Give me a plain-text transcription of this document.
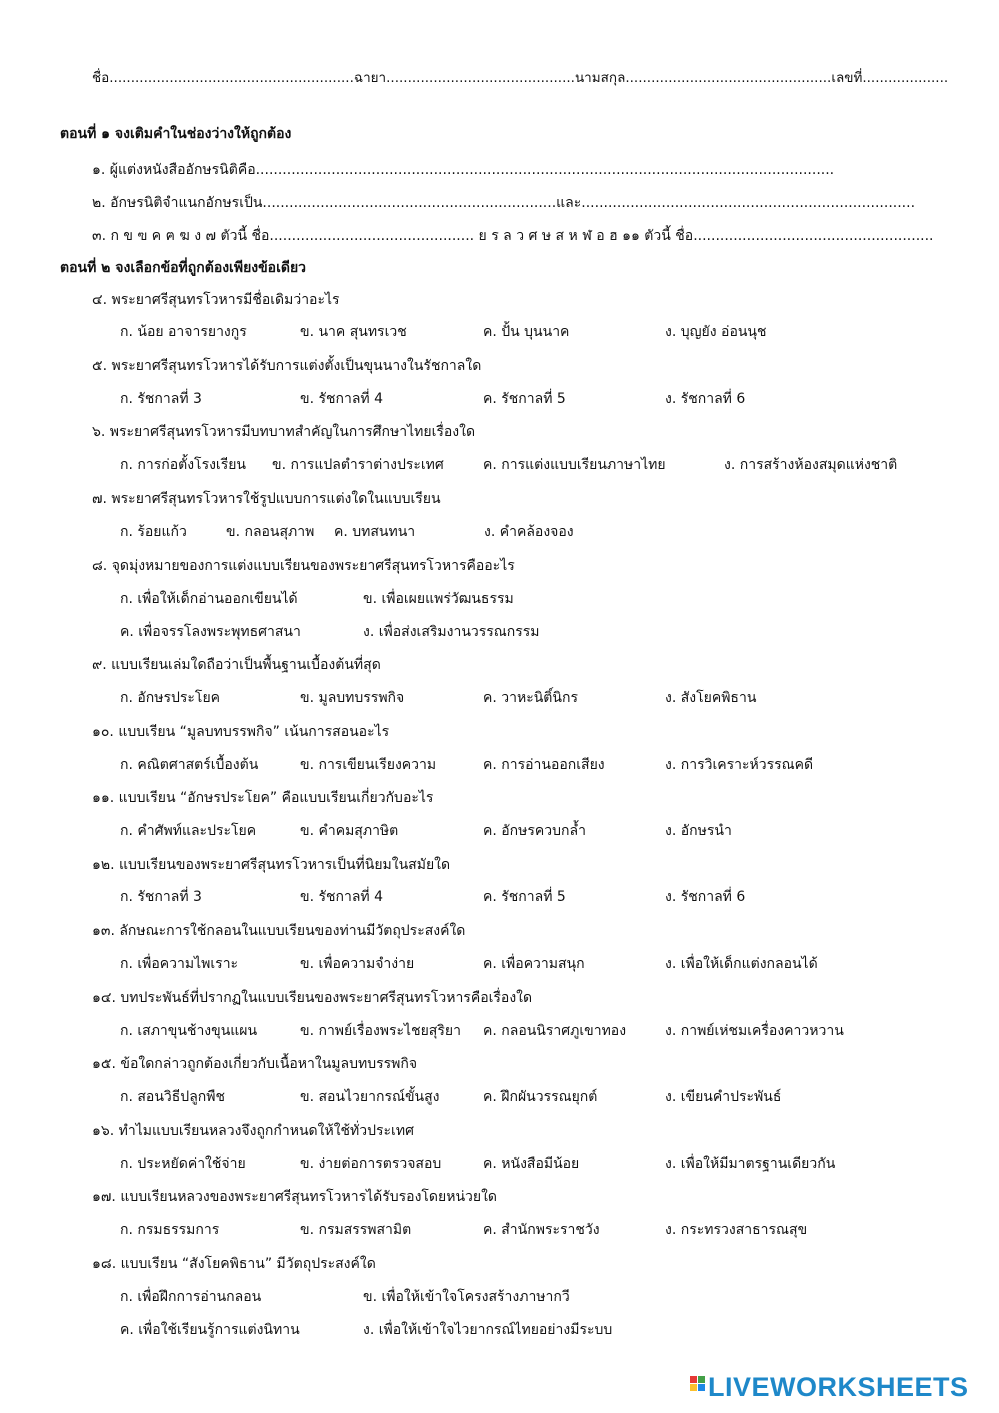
ชื่อ.........................................................ฉายา............................................นามสกุล................................................เลขที่....................
ตอนที่ ๑ จงเติมคำในช่องว่างให้ถูกต้อง
๑. ผู้แต่งหนังสืออักษรนิติคือ..................................................................................................................................
๒. อักษรนิติจำแนกอักษรเป็น..................................................................และ...........................................................................
๓. ก ข ฃ ค ฅ ฆ ง ๗ ตัวนี้ ชื่อ.............................................. ย ร ล ว ศ ษ ส ห ฬ อ ฮ ๑๑ ตัวนี้ ชื่อ......................................................
ตอนที่ ๒ จงเลือกข้อที่ถูกต้องเพียงข้อเดียว
๔. พระยาศรีสุนทรโวหารมีชื่อเดิมว่าอะไร
ก. น้อย อาจารยางกูร	ข. นาค สุนทรเวช	ค. ปั้น บุนนาค	ง. บุญยัง อ่อนนุช
๕. พระยาศรีสุนทรโวหารได้รับการแต่งตั้งเป็นขุนนางในรัชกาลใด
ก. รัชกาลที่ 3	ข. รัชกาลที่ 4	ค. รัชกาลที่ 5	ง. รัชกาลที่ 6
๖. พระยาศรีสุนทรโวหารมีบทบาทสำคัญในการศึกษาไทยเรื่องใด
ก. การก่อตั้งโรงเรียน ข. การแปลตำราต่างประเทศ	ค. การแต่งแบบเรียนภาษาไทย	ง. การสร้างห้องสมุดแห่งชาติ
๗. พระยาศรีสุนทรโวหารใช้รูปแบบการแต่งใดในแบบเรียน
ก. ร้อยแก้ว	ข. กลอนสุภาพ ค. บทสนทนา	ง. คำคล้องจอง
๘. จุดมุ่งหมายของการแต่งแบบเรียนของพระยาศรีสุนทรโวหารคืออะไร
ก. เพื่อให้เด็กอ่านออกเขียนได้	ข. เพื่อเผยแพร่วัฒนธรรม
ค. เพื่อจรรโลงพระพุทธศาสนา	ง. เพื่อส่งเสริมงานวรรณกรรม
๙. แบบเรียนเล่มใดถือว่าเป็นพื้นฐานเบื้องต้นที่สุด
ก. อักษรประโยค	ข. มูลบทบรรพกิจ	ค. วาหะนิติ์นิกร	ง. สังโยคพิธาน
๑๐. แบบเรียน “มูลบทบรรพกิจ” เน้นการสอนอะไร
ก. คณิตศาสตร์เบื้องต้น	ข. การเขียนเรียงความ	ค. การอ่านออกเสียง	ง. การวิเคราะห์วรรณคดี
๑๑. แบบเรียน “อักษรประโยค” คือแบบเรียนเกี่ยวกับอะไร
ก. คำศัพท์และประโยค	ข. คำคมสุภาษิต	ค. อักษรควบกล้ำ	ง. อักษรนำ
๑๒. แบบเรียนของพระยาศรีสุนทรโวหารเป็นที่นิยมในสมัยใด
ก. รัชกาลที่ 3	ข. รัชกาลที่ 4	ค. รัชกาลที่ 5	ง. รัชกาลที่ 6
๑๓. ลักษณะการใช้กลอนในแบบเรียนของท่านมีวัตถุประสงค์ใด
ก. เพื่อความไพเราะ	ข. เพื่อความจำง่าย	ค. เพื่อความสนุก	ง. เพื่อให้เด็กแต่งกลอนได้
๑๔. บทประพันธ์ที่ปรากฏในแบบเรียนของพระยาศรีสุนทรโวหารคือเรื่องใด
ก. เสภาขุนช้างขุนแผน	ข. กาพย์เรื่องพระไชยสุริยา ค. กลอนนิราศภูเขาทอง	ง. กาพย์เห่ชมเครื่องคาวหวาน
๑๕. ข้อใดกล่าวถูกต้องเกี่ยวกับเนื้อหาในมูลบทบรรพกิจ
ก. สอนวิธีปลูกพืช	ข. สอนไวยากรณ์ขั้นสูง	ค. ฝึกผันวรรณยุกต์	ง. เขียนคำประพันธ์
๑๖. ทำไมแบบเรียนหลวงจึงถูกกำหนดให้ใช้ทั่วประเทศ
ก. ประหยัดค่าใช้จ่าย	ข. ง่ายต่อการตรวจสอบ	ค. หนังสือมีน้อย	ง. เพื่อให้มีมาตรฐานเดียวกัน
๑๗. แบบเรียนหลวงของพระยาศรีสุนทรโวหารได้รับรองโดยหน่วยใด
ก. กรมธรรมการ	ข. กรมสรรพสามิต	ค. สำนักพระราชวัง	ง. กระทรวงสาธารณสุข
๑๘. แบบเรียน “สังโยคพิธาน” มีวัตถุประสงค์ใด
ก. เพื่อฝึกการอ่านกลอน	ข. เพื่อให้เข้าใจโครงสร้างภาษากวี
ค. เพื่อใช้เรียนรู้การแต่งนิทาน	ง. เพื่อให้เข้าใจไวยากรณ์ไทยอย่างมีระบบ
LIVEWORKSHEETS
